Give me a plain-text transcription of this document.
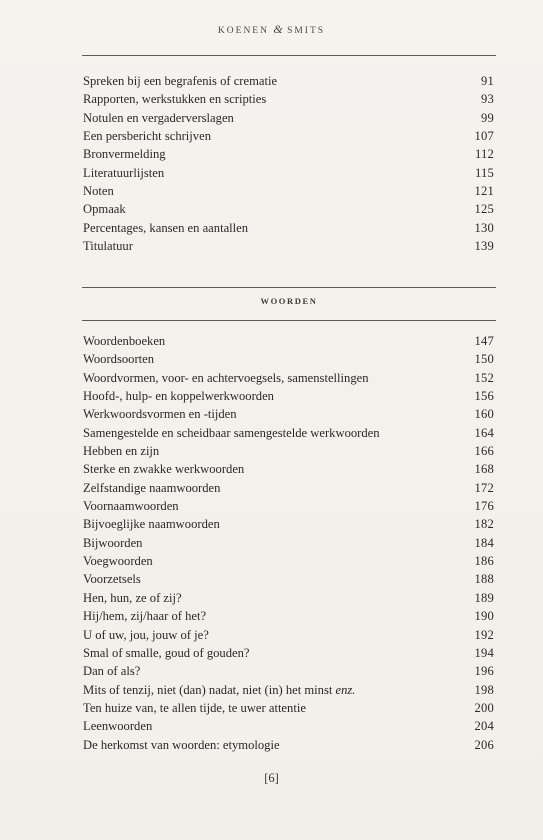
KOENEN & SMITS
Spreken bij een begrafenis of crematie	91
Rapporten, werkstukken en scripties	93
Notulen en vergaderverslagen	99
Een persbericht schrijven	107
Bronvermelding	112
Literatuurlijsten	115
Noten	121
Opmaak	125
Percentages, kansen en aantallen	130
Titulatuur	139
WOORDEN
Woordenboeken	147
Woordsoorten	150
Woordvormen, voor- en achtervoegsels, samenstellingen	152
Hoofd-, hulp- en koppelwerkwoorden	156
Werkwoordsvormen en -tijden	160
Samengestelde en scheidbaar samengestelde werkwoorden	164
Hebben en zijn	166
Sterke en zwakke werkwoorden	168
Zelfstandige naamwoorden	172
Voornaamwoorden	176
Bijvoeglijke naamwoorden	182
Bijwoorden	184
Voegwoorden	186
Voorzetsels	188
Hen, hun, ze of zij?	189
Hij/hem, zij/haar of het?	190
U of uw, jou, jouw of je?	192
Smal of smalle, goud of gouden?	194
Dan of als?	196
Mits of tenzij, niet (dan) nadat, niet (in) het minst enz.	198
Ten huize van, te allen tijde, te uwer attentie	200
Leenwoorden	204
De herkomst van woorden: etymologie	206
[6]
